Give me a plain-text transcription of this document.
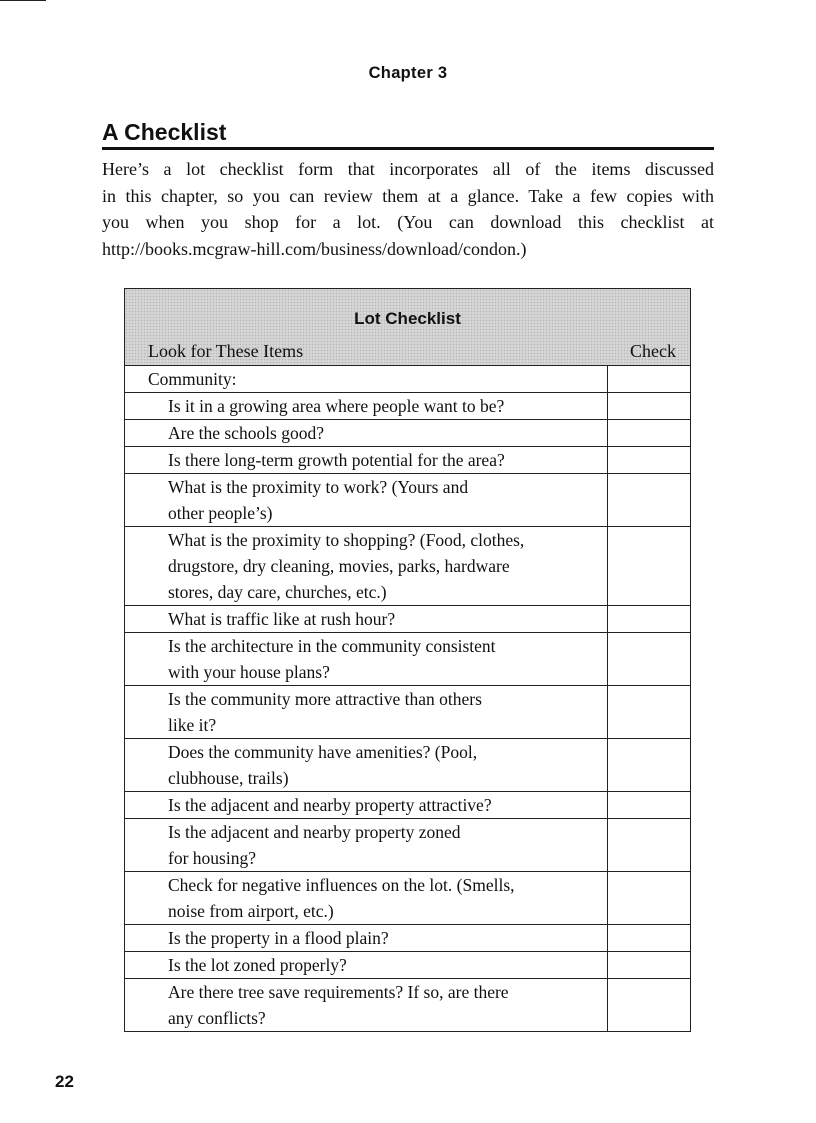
Chapter 3
A Checklist

Here’s a lot checklist form that incorporates all of the items discussed
in this chapter, so you can review them at a glance. Take a few copies with
you when you shop for a lot. (You can download this checklist at
http://books.mcgraw-hill.com/business/download/condon.)

Lot Checklist
Look for These Items	Check
Community:
Is it in a growing area where people want to be?
Are the schools good?
Is there long-term growth potential for the area?
What is the proximity to work? (Yours and
other people’s)
What is the proximity to shopping? (Food, clothes,
drugstore, dry cleaning, movies, parks, hardware
stores, day care, churches, etc.)
What is traffic like at rush hour?
Is the architecture in the community consistent
with your house plans?
Is the community more attractive than others
like it?
Does the community have amenities? (Pool,
clubhouse, trails)
Is the adjacent and nearby property attractive?
Is the adjacent and nearby property zoned
for housing?
Check for negative influences on the lot. (Smells,
noise from airport, etc.)
Is the property in a flood plain?
Is the lot zoned properly?
Are there tree save requirements? If so, are there
any conflicts?
22
